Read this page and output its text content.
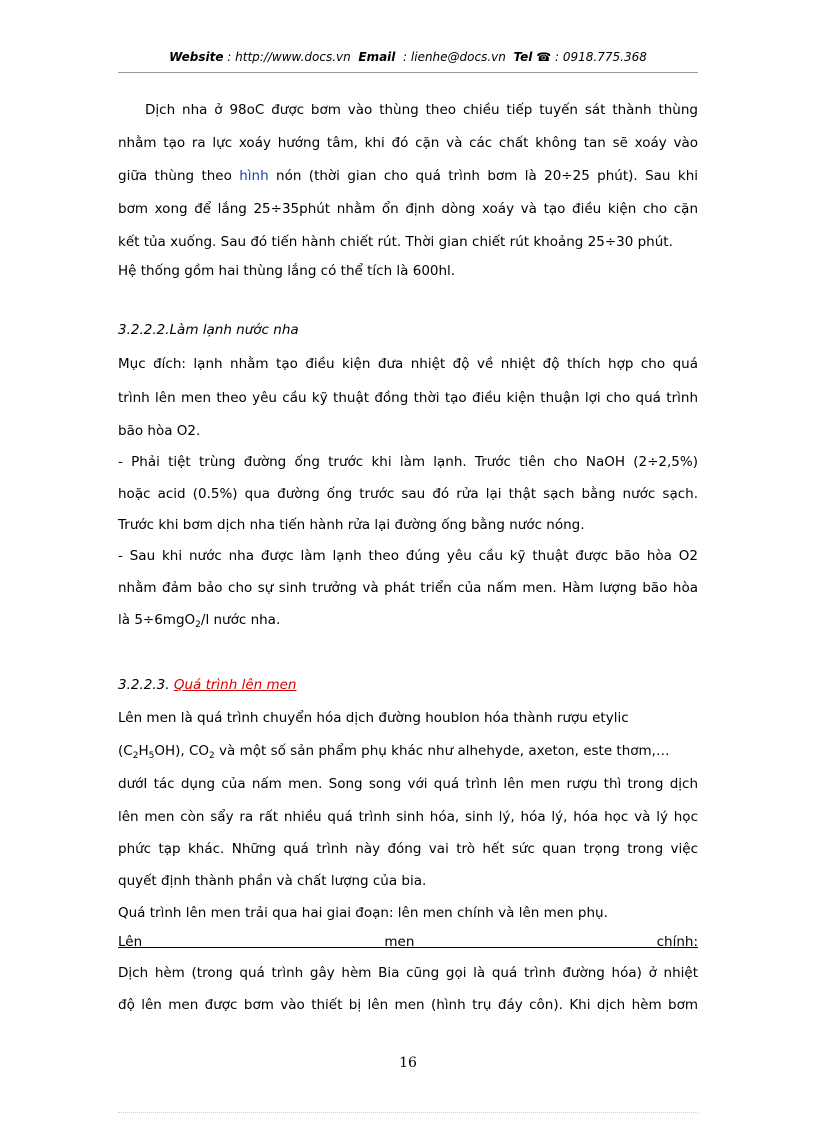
Website : http://www.docs.vn Email : lienhe@docs.vn Tel ☎ : 0918.775.368

Dịch nha ở 98oC được bơm vào thùng theo chiều tiếp tuyến sát thành thùng

nhằm tạo ra lực xoáy hướng tâm, khi đó cặn và các chất không tan sẽ xoáy vào

giữa thùng theo hình nón (thời gian cho quá trình bơm là 20÷25 phút). Sau khi

bơm xong để lắng 25÷35phút nhằm ổn định dòng xoáy và tạo điều kiện cho cặn

kết tủa xuống. Sau đó tiến hành chiết rút. Thời gian chiết rút khoảng 25÷30 phút.

Hệ thống gồm hai thùng lắng có thể tích là 600hl.

3.2.2.2.Làm lạnh nước nha

Mục đích: lạnh nhằm tạo điều kiện đưa nhiệt độ về nhiệt độ thích hợp cho quá

trình lên men theo yêu cầu kỹ thuật đồng thời tạo điều kiện thuận lợi cho quá trình

bão hòa O2.

- Phải tiệt trùng đường ống trước khi làm lạnh. Trước tiên cho NaOH (2÷2,5%)

hoặc acid (0.5%) qua đường ống trước sau đó rửa lại thật sạch bằng nước sạch.

Trước khi bơm dịch nha tiến hành rửa lại đường ống bằng nước nóng.

- Sau khi nước nha được làm lạnh theo đúng yêu cầu kỹ thuật được bão hòa O2

nhằm đảm bảo cho sự sinh trưởng và phát triển của nấm men. Hàm lượng bão hòa

là 5÷6mgO$_2$/l nước nha.

3.2.2.3. Quá trình lên men

Lên men là quá trình chuyển hóa dịch đường houblon hóa thành rượu etylic

$(C_2H_5OH)$, $CO_2$ và một số sản phẩm phụ khác như alhehyde, axeton, este thơm,…

dướI tác dụng của nấm men. Song song với quá trình lên men rượu thì trong dịch

lên men còn sẩy ra rất nhiều quá trình sinh hóa, sinh lý, hóa lý, hóa học và lý học

phức tạp khác. Những quá trình này đóng vai trò hết sức quan trọng trong việc

quyết định thành phần và chất lượng của bia.

Quá trình lên men trải qua hai giai đoạn: lên men chính và lên men phụ.

Lên men chính:

Dịch hèm (trong quá trình gây hèm Bia cũng gọi là quá trình đường hóa) ở nhiệt

độ lên men được bơm vào thiết bị lên men (hình trụ đáy côn). Khi dịch hèm bơm

16
